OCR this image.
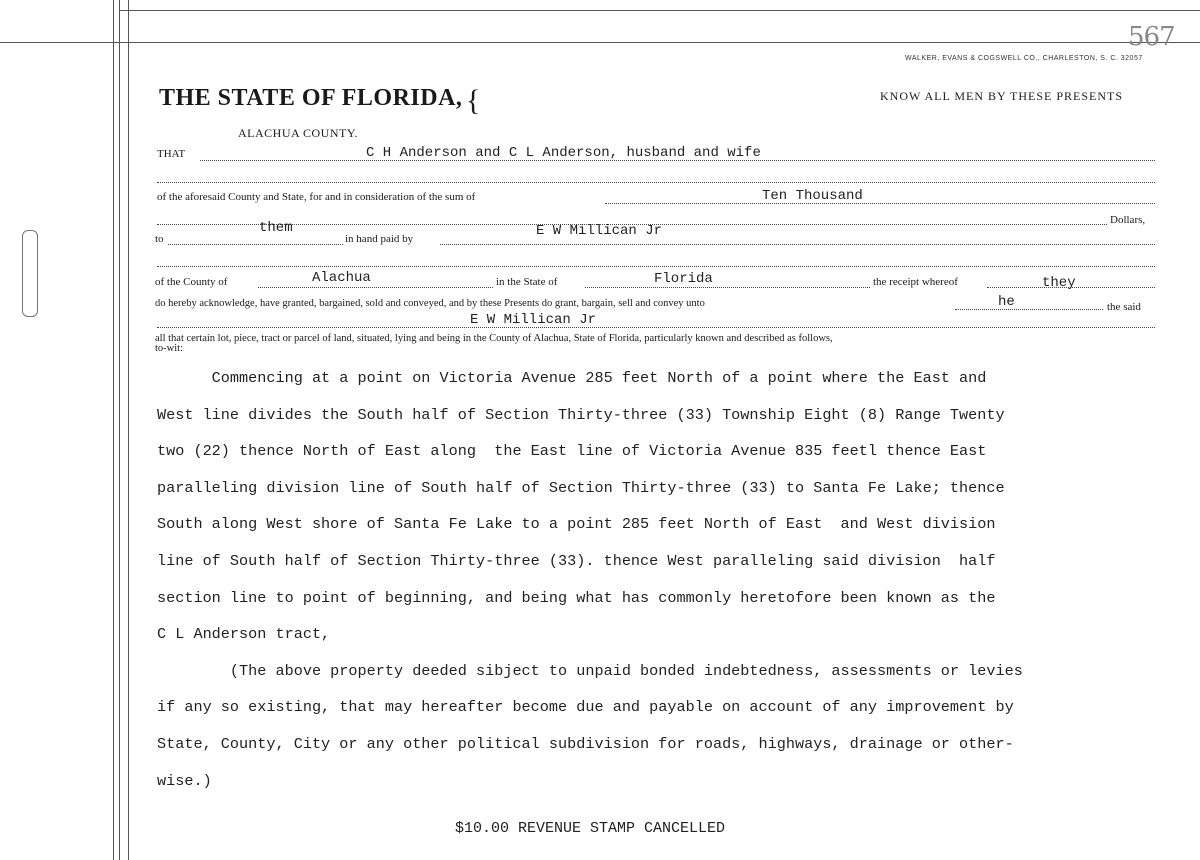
567
WALKER, EVANS & COGSWELL CO., CHARLESTON, S. C. 32057
THE STATE OF FLORIDA, {	KNOW ALL MEN BY THESE PRESENTS
ALACHUA COUNTY.
THAT	C H Anderson and C L Anderson, husband and wife
of the aforesaid County and State, for and in consideration of the sum of	Ten Thousand
Dollars,
to
them
in hand paid by	E W Millican Jr
of the County of	Alachua	in the State of	Florida	the receipt whereof	they
do hereby acknowledge, have granted, bargained, sold and conveyed, and by these Presents do grant, bargain, sell and convey unto	he	the said
E W Millican Jr
all that certain lot, piece, tract or parcel of land, situated, lying and being in the County of Alachua, State of Florida, particularly known and described as follows,
to-wit:

Commencing at a point on Victoria Avenue 285 feet North of a point where the East and

West line divides the South half of Section Thirty-three (33) Township Eight (8) Range Twenty

two (22) thence North of East along  the East line of Victoria Avenue 835 feetl thence East

paralleling division line of South half of Section Thirty-three (33) to Santa Fe Lake; thence

South along West shore of Santa Fe Lake to a point 285 feet North of East  and West division

line of South half of Section Thirty-three (33). thence West paralleling said division  half

section line to point of beginning, and being what has commonly heretofore been known as the

C L Anderson tract,

(The above property deeded sibject to unpaid bonded indebtedness, assessments or levies

if any so existing, that may hereafter become due and payable on account of any improvement by

State, County, City or any other political subdivision for roads, highways, drainage or other-

wise.)

$10.00 REVENUE STAMP CANCELLED
